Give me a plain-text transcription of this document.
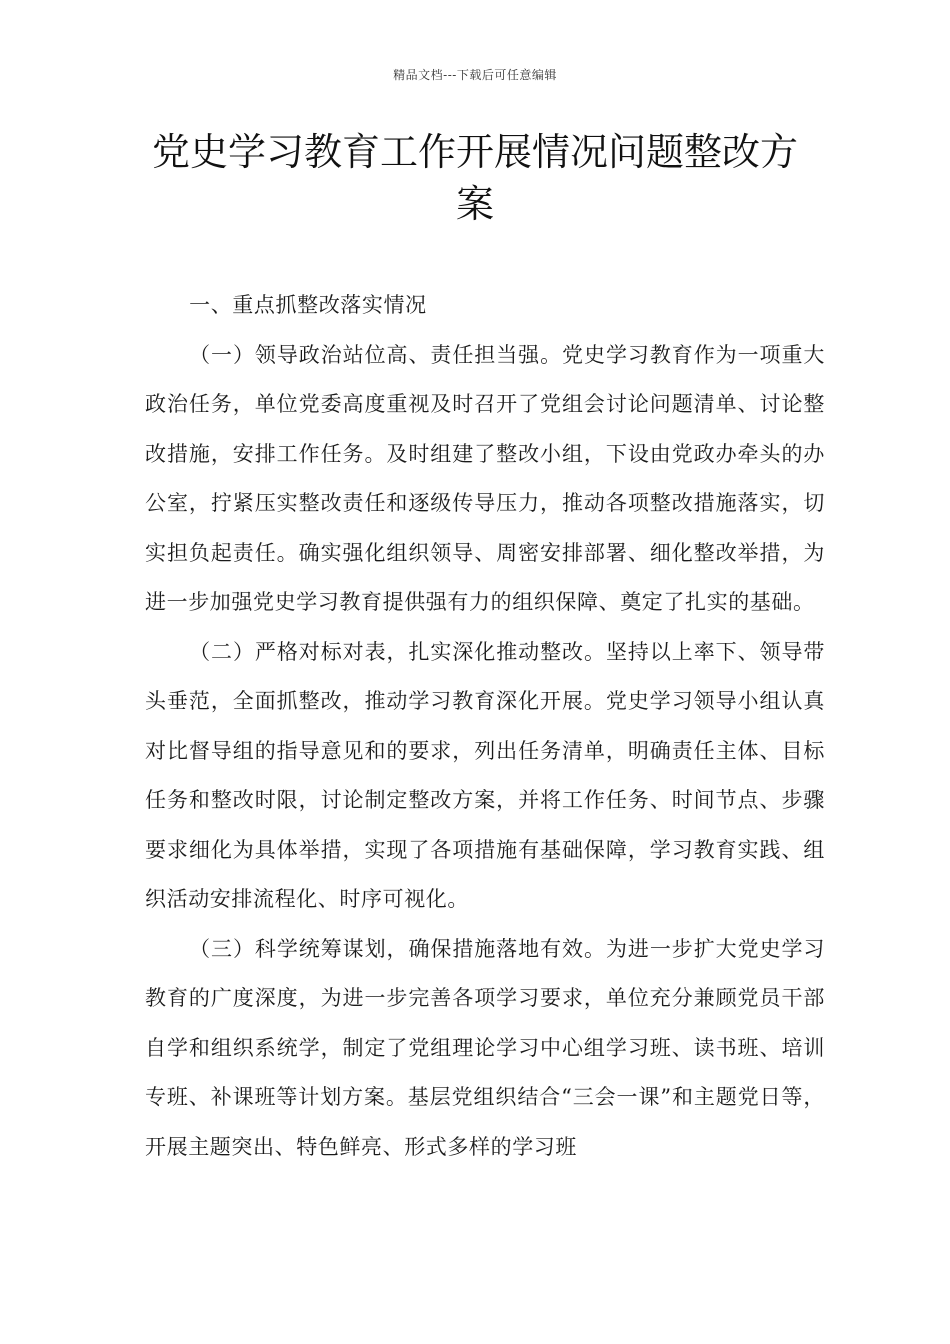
精品文档---下载后可任意编辑
党史学习教育工作开展情况问题整改方案

一、重点抓整改落实情况

（一）领导政治站位高、责任担当强。党史学习教育作为一项重大政治任务，单位党委高度重视及时召开了党组会讨论问题清单、讨论整改措施，安排工作任务。及时组建了整改小组，下设由党政办牵头的办公室，拧紧压实整改责任和逐级传导压力，推动各项整改措施落实，切实担负起责任。确实强化组织领导、周密安排部署、细化整改举措，为进一步加强党史学习教育提供强有力的组织保障、奠定了扎实的基础。

（二）严格对标对表，扎实深化推动整改。坚持以上率下、领导带头垂范，全面抓整改，推动学习教育深化开展。党史学习领导小组认真对比督导组的指导意见和的要求，列出任务清单，明确责任主体、目标任务和整改时限，讨论制定整改方案，并将工作任务、时间节点、步骤要求细化为具体举措，实现了各项措施有基础保障，学习教育实践、组织活动安排流程化、时序可视化。

（三）科学统筹谋划，确保措施落地有效。为进一步扩大党史学习教育的广度深度，为进一步完善各项学习要求，单位充分兼顾党员干部自学和组织系统学，制定了党组理论学习中心组学习班、读书班、培训专班、补课班等计划方案。基层党组织结合“三会一课”和主题党日等，开展主题突出、特色鲜亮、形式多样的学习班
